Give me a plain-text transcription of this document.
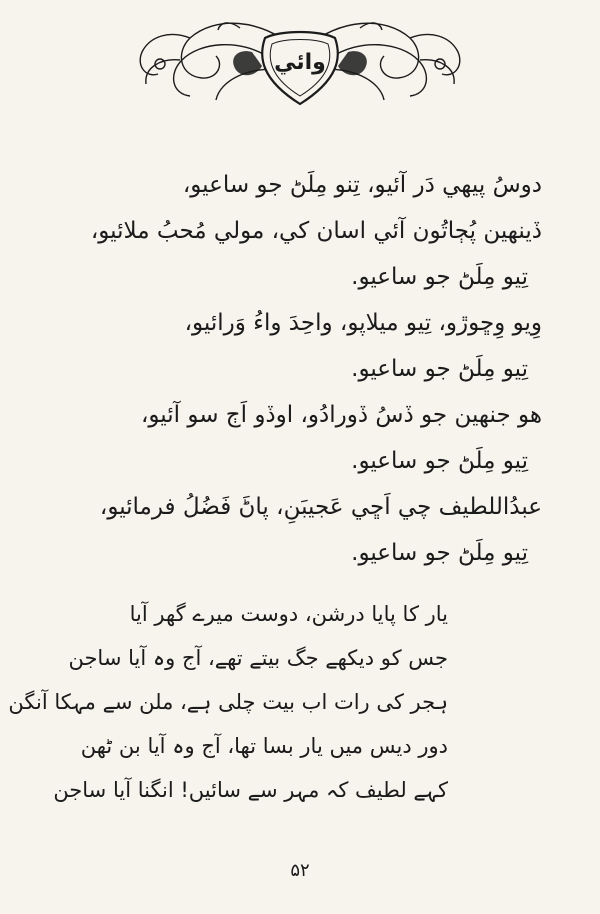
وائي
دوسُ پيهي دَر آئيو، تِنو مِلَڻ جو ساعيو،
ڏينهين پُڄاتُون آئي اسان کي، مولي مُحبُ ملائيو،
تِيو مِلَڻ جو ساعيو.
وِيو وِڇوڙو، تِيو ميلاپو، واحِدَ واءُ وَرائيو،
تِيو مِلَڻ جو ساعيو.
هو جنهين جو ڏسُ ڏورادُو، اوڏو اَڄ سو آئيو،
تِيو مِلَڻ جو ساعيو.
عبدُاللطيف چي اَڇي عَجيبَنِ، پاڻَ فَضُلُ فرمائيو،
تِيو مِلَڻ جو ساعيو.
یار کا پایا درشن، دوست میرے گھر آیا
جس کو دیکھے جگ بیتے تھے، آج وہ آیا ساجن
ہجر کی رات اب بیت چلی ہے، ملن سے مہکا آنگن
دور دیس میں یار بسا تھا، آج وہ آیا بن ٹھن
کہے لطیف کہ مہر سے سائیں! انگنا آیا ساجن
۵۲
